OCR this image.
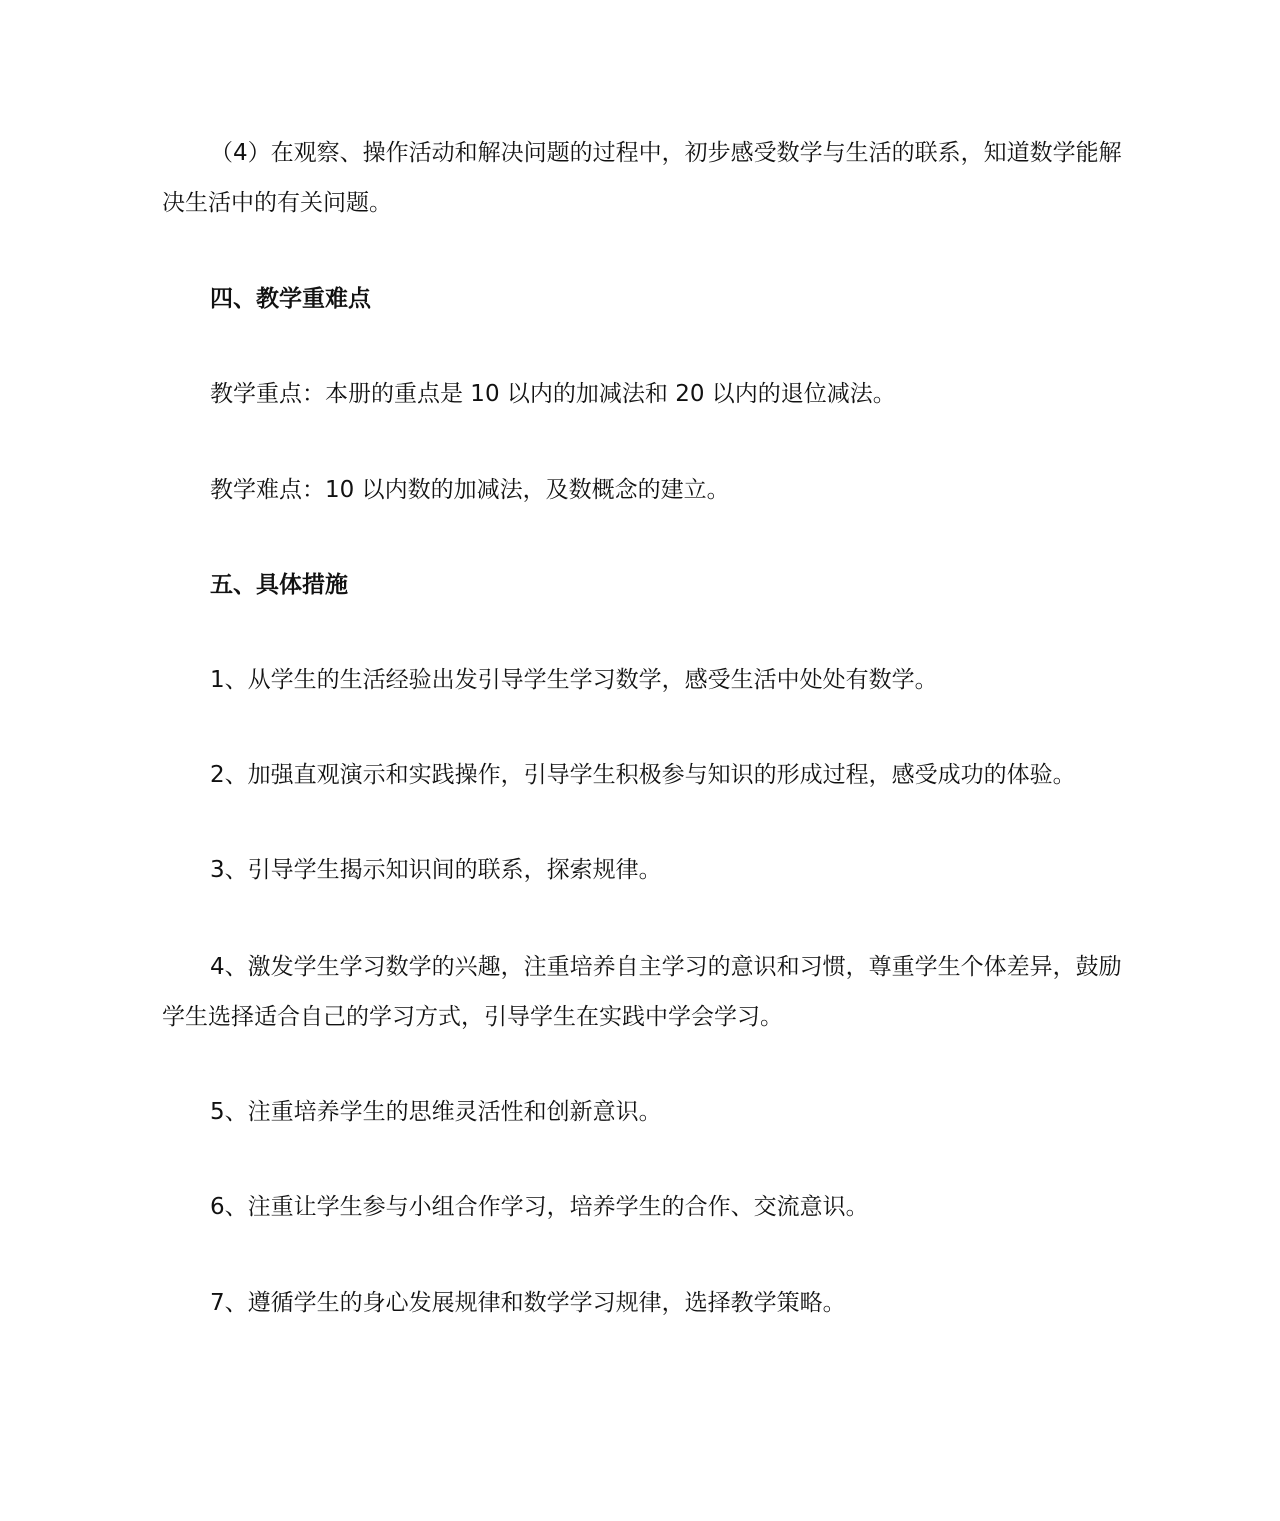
（4）在观察、操作活动和解决问题的过程中，初步感受数学与生活的联系，知道数学能解决生活中的有关问题。

四、教学重难点

教学重点：本册的重点是 10 以内的加减法和 20 以内的退位减法。

教学难点：10 以内数的加减法，及数概念的建立。

五、具体措施

1、从学生的生活经验出发引导学生学习数学，感受生活中处处有数学。

2、加强直观演示和实践操作，引导学生积极参与知识的形成过程，感受成功的体验。

3、引导学生揭示知识间的联系，探索规律。

4、激发学生学习数学的兴趣，注重培养自主学习的意识和习惯，尊重学生个体差异，鼓励学生选择适合自己的学习方式，引导学生在实践中学会学习。

5、注重培养学生的思维灵活性和创新意识。

6、注重让学生参与小组合作学习，培养学生的合作、交流意识。

7、遵循学生的身心发展规律和数学学习规律，选择教学策略。
